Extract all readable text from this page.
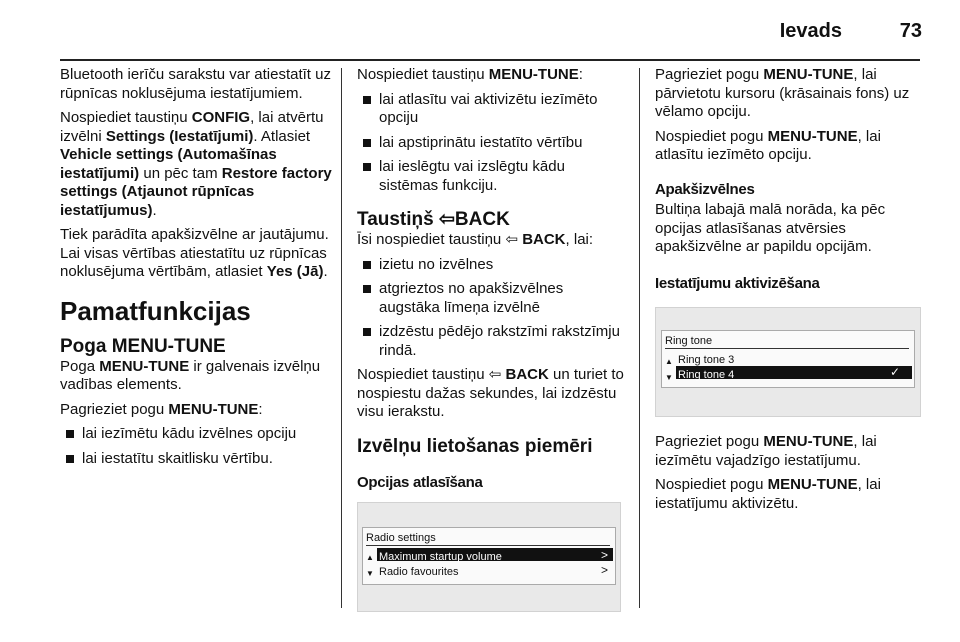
Ievads	73

Bluetooth ierīču sarakstu var atiestatīt uz rūpnīcas noklusējuma iestatījumiem.

Nospiediet taustiņu CONFIG, lai atvērtu izvēlni Settings (Iestatījumi). Atlasiet Vehicle settings (Automašīnas iestatījumi) un pēc tam Restore factory settings (Atjaunot rūpnīcas iestatījumus).

Tiek parādīta apakšizvēlne ar jautājumu. Lai visas vērtības atiestatītu uz rūpnīcas noklusējuma vērtībām, atlasiet Yes (Jā).

Pamatfunkcijas
Poga MENU-TUNE

Poga MENU-TUNE ir galvenais izvēlņu vadības elements.

Pagrieziet pogu MENU-TUNE:

lai iezīmētu kādu izvēlnes opciju
lai iestatītu skaitlisku vērtību.

Nospiediet taustiņu MENU-TUNE:

lai atlasītu vai aktivizētu iezīmēto opciju
lai apstiprinātu iestatīto vērtību
lai ieslēgtu vai izslēgtu kādu sistēmas funkciju.
Taustiņš ⇦BACK

Īsi nospiediet taustiņu ⇦ BACK, lai:

izietu no izvēlnes
atgrieztos no apakšizvēlnes augstāka līmeņa izvēlnē
izdzēstu pēdējo rakstzīmi rakstzīmju rindā.

Nospiediet taustiņu ⇦ BACK un turiet to nospiestu dažas sekundes, lai izdzēstu visu ierakstu.

Izvēlņu lietošanas piemēri
Opcijas atlasīšana
Radio settings
▲ Maximum startup volume	>
▼ Radio favourites	>

Pagrieziet pogu MENU-TUNE, lai pārvietotu kursoru (krāsainais fons) uz vēlamo opciju.

Nospiediet pogu MENU-TUNE, lai atlasītu iezīmēto opciju.

Apakšizvēlnes

Bultiņa labajā malā norāda, ka pēc opcijas atlasīšanas atvērsies apakšizvēlne ar papildu opcijām.

Iestatījumu aktivizēšana
Ring tone
▲ Ring tone 3
▼ Ring tone 4	✓

Pagrieziet pogu MENU-TUNE, lai iezīmētu vajadzīgo iestatījumu.

Nospiediet pogu MENU-TUNE, lai iestatījumu aktivizētu.
